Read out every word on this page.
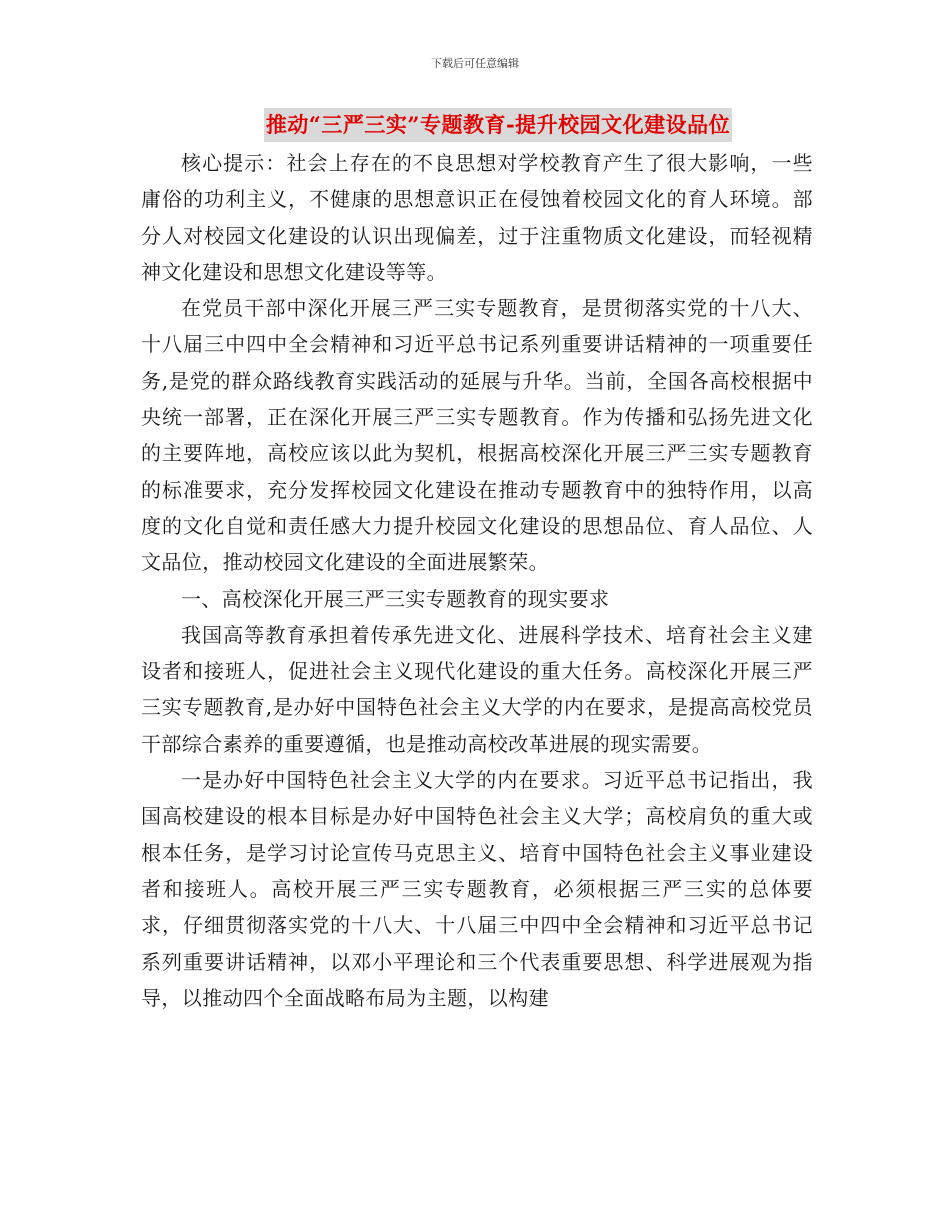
下载后可任意编辑
推动“三严三实”专题教育-提升校园文化建设品位

核心提示：社会上存在的不良思想对学校教育产生了很大影响，一些庸俗的功利主义，不健康的思想意识正在侵蚀着校园文化的育人环境。部分人对校园文化建设的认识出现偏差，过于注重物质文化建设，而轻视精神文化建设和思想文化建设等等。

在党员干部中深化开展三严三实专题教育，是贯彻落实党的十八大、十八届三中四中全会精神和习近平总书记系列重要讲话精神的一项重要任务,是党的群众路线教育实践活动的延展与升华。当前，全国各高校根据中央统一部署，正在深化开展三严三实专题教育。作为传播和弘扬先进文化的主要阵地，高校应该以此为契机，根据高校深化开展三严三实专题教育的标准要求，充分发挥校园文化建设在推动专题教育中的独特作用，以高度的文化自觉和责任感大力提升校园文化建设的思想品位、育人品位、人文品位，推动校园文化建设的全面进展繁荣。

一、高校深化开展三严三实专题教育的现实要求

我国高等教育承担着传承先进文化、进展科学技术、培育社会主义建设者和接班人，促进社会主义现代化建设的重大任务。高校深化开展三严三实专题教育,是办好中国特色社会主义大学的内在要求，是提高高校党员干部综合素养的重要遵循，也是推动高校改革进展的现实需要。

一是办好中国特色社会主义大学的内在要求。习近平总书记指出，我国高校建设的根本目标是办好中国特色社会主义大学；高校肩负的重大或根本任务，是学习讨论宣传马克思主义、培育中国特色社会主义事业建设者和接班人。高校开展三严三实专题教育，必须根据三严三实的总体要求，仔细贯彻落实党的十八大、十八届三中四中全会精神和习近平总书记系列重要讲话精神，以邓小平理论和三个代表重要思想、科学进展观为指导，以推动四个全面战略布局为主题，以构建
